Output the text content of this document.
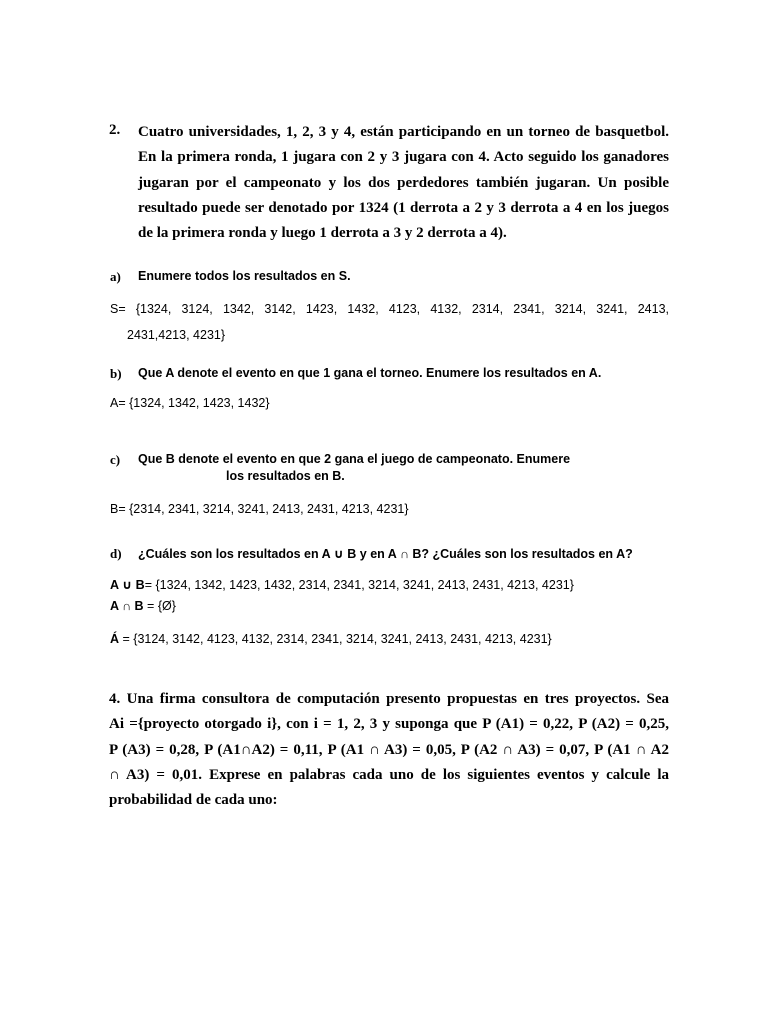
2. Cuatro universidades, 1, 2, 3 y 4, están participando en un torneo de basquetbol.
En la primera ronda, 1 jugara con 2 y 3 jugara con 4. Acto seguido los ganadores
jugaran por el campeonato y los dos perdedores también jugaran. Un posible
resultado puede ser denotado por 1324 (1 derrota a 2 y 3 derrota a 4 en los juegos
de la primera ronda y luego 1 derrota a 3 y 2 derrota a 4).
a) Enumere todos los resultados en S.
S= {1324, 3124, 1342, 3142, 1423, 1432, 4123, 4132, 2314, 2341, 3214, 3241, 2413,
2431,4213, 4231}
b) Que A denote el evento en que 1 gana el torneo. Enumere los resultados en A.
A= {1324, 1342, 1423, 1432}
c) Que B denote el evento en que 2 gana el juego de campeonato. Enumere
los resultados en B.
B= {2314, 2341, 3214, 3241, 2413, 2431, 4213, 4231}
d) ¿Cuáles son los resultados en A ∪ B y en A ∩ B? ¿Cuáles son los resultados en A?
A ∪ B= {1324, 1342, 1423, 1432, 2314, 2341, 3214, 3241, 2413, 2431, 4213, 4231}
A ∩ B = {Ø}
Á = {3124, 3142, 4123, 4132, 2314, 2341, 3214, 3241, 2413, 2431, 4213, 4231}
4. Una firma consultora de computación presento propuestas en tres proyectos. Sea
Ai ={proyecto otorgado i}, con i = 1, 2, 3 y suponga que P (A1) = 0,22, P (A2) = 0,25,
P (A3) = 0,28, P (A1∩A2) = 0,11, P (A1 ∩ A3) = 0,05, P (A2 ∩ A3) = 0,07, P (A1 ∩ A2
∩ A3) = 0,01. Exprese en palabras cada uno de los siguientes eventos y calcule la
probabilidad de cada uno:
